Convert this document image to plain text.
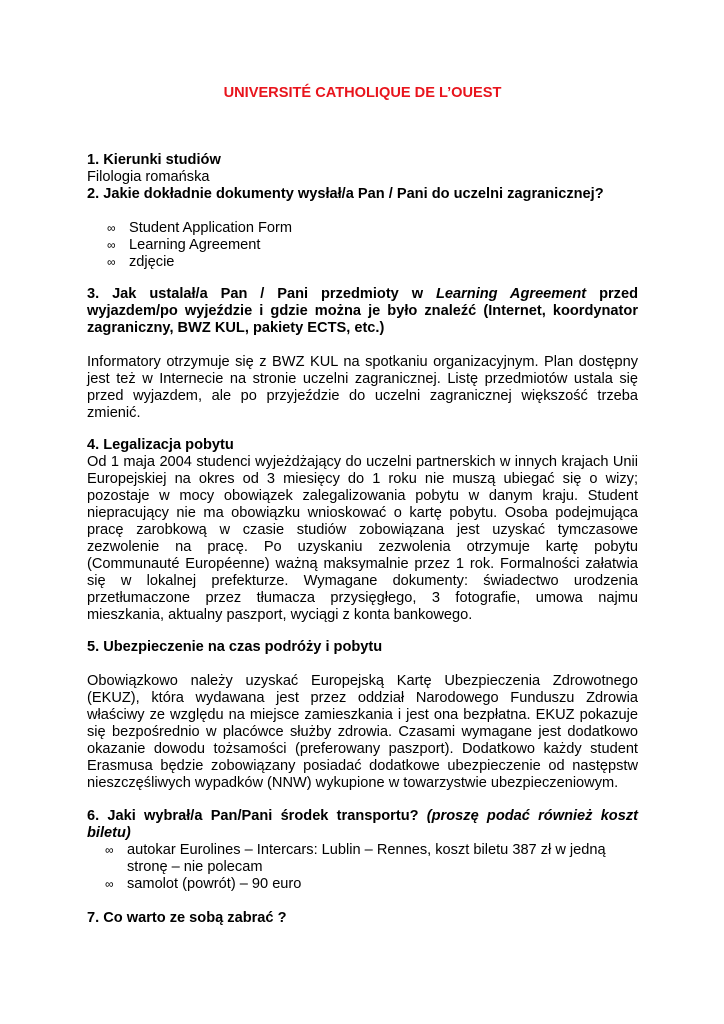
UNIVERSITÉ CATHOLIQUE DE L’OUEST

1. Kierunki studiów

Filologia romańska

2. Jakie dokładnie dokumenty wysłał/a Pan / Pani do uczelni zagranicznej?

∞ Student Application Form
∞ Learning Agreement
∞ zdjęcie

3. Jak ustalał/a Pan / Pani przedmioty w Learning Agreement przed wyjazdem/po wyjeździe i gdzie można je było znaleźć (Internet, koordynator zagraniczny, BWZ KUL, pakiety ECTS, etc.)

Informatory otrzymuje się z BWZ KUL na spotkaniu organizacyjnym. Plan dostępny jest też w Internecie na stronie uczelni zagranicznej. Listę przedmiotów ustala się przed wyjazdem, ale po przyjeździe do uczelni zagranicznej większość trzeba zmienić.

4. Legalizacja pobytu

Od 1 maja 2004 studenci wyjeżdżający do uczelni partnerskich w innych krajach Unii Europejskiej na okres od 3 miesięcy do 1 roku nie muszą ubiegać się o wizy; pozostaje w mocy obowiązek zalegalizowania pobytu w danym kraju. Student niepracujący nie ma obowiązku wnioskować o kartę pobytu. Osoba podejmująca pracę zarobkową w czasie studiów zobowiązana jest uzyskać tymczasowe zezwolenie na pracę. Po uzyskaniu zezwolenia otrzymuje kartę pobytu (Communauté Européenne) ważną maksymalnie przez 1 rok. Formalności załatwia się w lokalnej prefekturze. Wymagane dokumenty: świadectwo urodzenia przetłumaczone przez tłumacza przysięgłego, 3 fotografie, umowa najmu mieszkania, aktualny paszport, wyciągi z konta bankowego.

5. Ubezpieczenie na czas podróży i pobytu

Obowiązkowo należy uzyskać Europejską Kartę Ubezpieczenia Zdrowotnego (EKUZ), która wydawana jest przez oddział Narodowego Funduszu Zdrowia właściwy ze względu na miejsce zamieszkania i jest ona bezpłatna. EKUZ pokazuje się bezpośrednio w placówce służby zdrowia. Czasami wymagane jest dodatkowo okazanie dowodu tożsamości (preferowany paszport). Dodatkowo każdy student Erasmusa będzie zobowiązany posiadać dodatkowe ubezpieczenie od następstw nieszczęśliwych wypadków (NNW) wykupione w towarzystwie ubezpieczeniowym.

6. Jaki wybrał/a Pan/Pani środek transportu? (proszę podać również koszt biletu)

∞ autokar Eurolines – Intercars: Lublin – Rennes, koszt biletu 387 zł w jedną stronę – nie polecam
∞ samolot (powrót) – 90 euro

7. Co warto ze sobą zabrać ?
